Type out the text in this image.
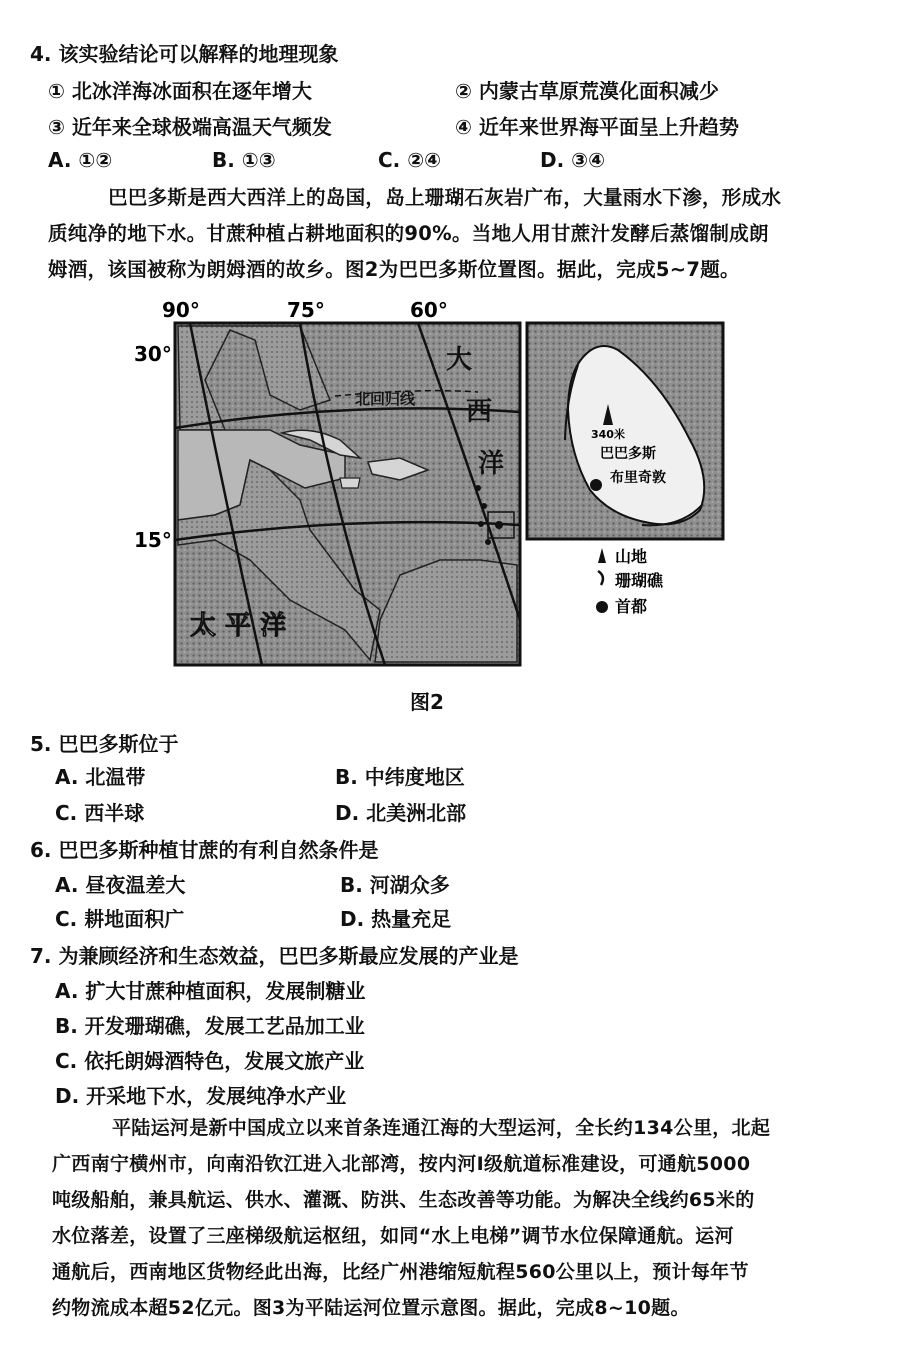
4. 该实验结论可以解释的地理现象
① 北冰洋海冰面积在逐年增大	② 内蒙古草原荒漠化面积减少
③ 近年来全球极端高温天气频发	④ 近年来世界海平面呈上升趋势
A. ①②	B. ①③	C. ②④	D. ③④
巴巴多斯是西大西洋上的岛国，岛上珊瑚石灰岩广布，大量雨水下渗，形成水
质纯净的地下水。甘蔗种植占耕地面积的90%。当地人用甘蔗汁发酵后蒸馏制成朗
姆酒，该国被称为朗姆酒的故乡。图2为巴巴多斯位置图。据此，完成5~7题。
90°	75°	60°
30°
15°
大
西
洋
北回归线
太 平 洋
340米
巴巴多斯
布里奇敦
山地
珊瑚礁
首都
图2
5. 巴巴多斯位于
A. 北温带	B. 中纬度地区
C. 西半球	D. 北美洲北部
6. 巴巴多斯种植甘蔗的有利自然条件是
A. 昼夜温差大	B. 河湖众多
C. 耕地面积广	D. 热量充足
7. 为兼顾经济和生态效益，巴巴多斯最应发展的产业是
A. 扩大甘蔗种植面积，发展制糖业
B. 开发珊瑚礁，发展工艺品加工业
C. 依托朗姆酒特色，发展文旅产业
D. 开采地下水，发展纯净水产业
平陆运河是新中国成立以来首条连通江海的大型运河，全长约134公里，北起
广西南宁横州市，向南沿钦江进入北部湾，按内河Ⅰ级航道标准建设，可通航5000
吨级船舶，兼具航运、供水、灌溉、防洪、生态改善等功能。为解决全线约65米的
水位落差，设置了三座梯级航运枢纽，如同“水上电梯”调节水位保障通航。运河
通航后，西南地区货物经此出海，比经广州港缩短航程560公里以上，预计每年节
约物流成本超52亿元。图3为平陆运河位置示意图。据此，完成8~10题。
